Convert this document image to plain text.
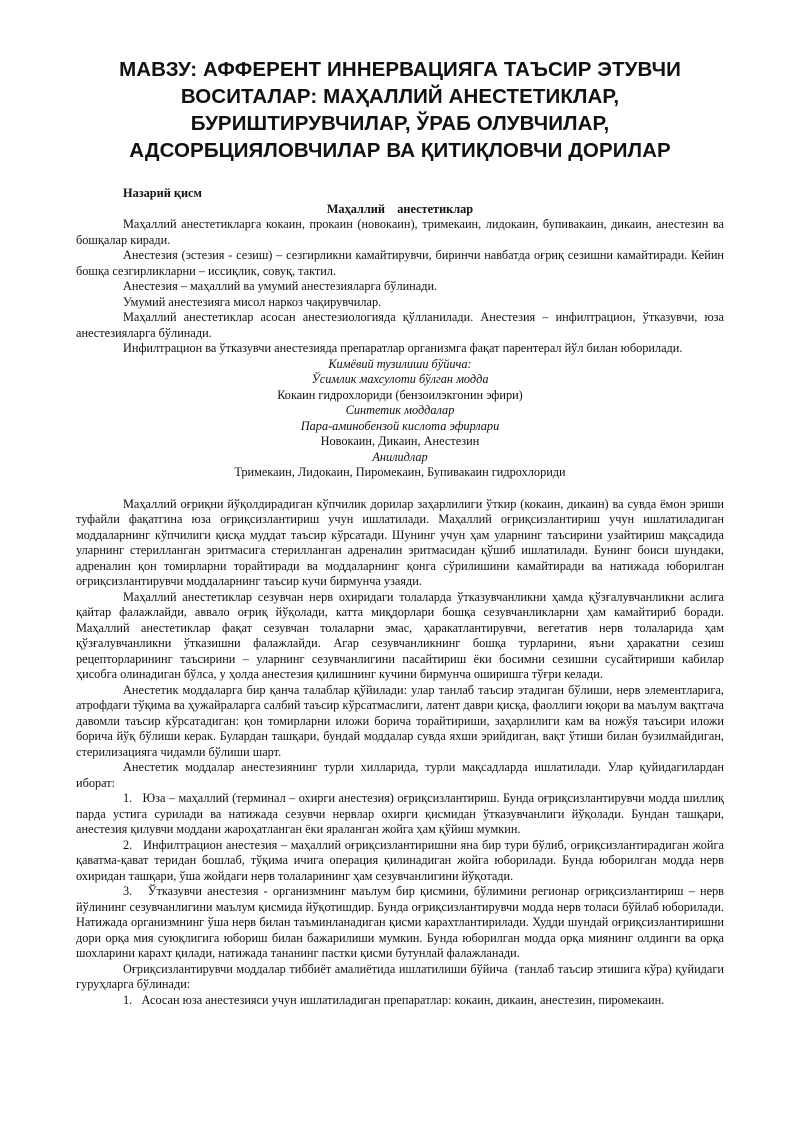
МАВЗУ: АФФЕРЕНТ ИННЕРВАЦИЯГА ТАЪСИР ЭТУВЧИ
ВОСИТАЛАР: МАҲАЛЛИЙ АНЕСТЕТИКЛАР,
БУРИШТИРУВЧИЛАР, ЎРАБ ОЛУВЧИЛАР,
АДСОРБЦИЯЛОВЧИЛАР ВА ҚИТИҚЛОВЧИ ДОРИЛАР
Назарий қисм
Маҳаллий    анестетиклар

Маҳаллий анестетикларга кокаин, прокаин (новокаин), тримекаин, лидокаин, бупивакаин, дикаин, анестезин ва бошқалар киради.

Анестезия (эстезия - сезиш) – сезгирликни камайтирувчи, биринчи навбатда оғриқ сезишни камайтиради. Кейин бошқа сезгирликларни – иссиқлик, совуқ, тактил.

Анестезия – маҳаллий ва умумий анестезияларга бўлинади.

Умумий анестезияга мисол наркоз чақирувчилар.

Маҳаллий анестетиклар асосан анестезиологияда қўлланилади. Анестезия – инфилтрацион, ўтказувчи, юза анестезияларга бўлинади.

Инфилтрацион ва ўтказувчи анестезияда препаратлар организмга фақат парентерал йўл билан юборилади.

Кимёвий тузилиши бўйича:

Ўсимлик махсулоти бўлган модда

Кокаин гидрохлориди (бензоилэкгонин эфири)

Синтетик моддалар

Пара-аминобензой кислота эфирлари

Новокаин, Дикаин, Анестезин

Анилидлар

Тримекаин, Лидокаин, Пиромекаин, Бупивакаин гидрохлориди

Маҳаллий оғриқни йўқолдирадиган кўпчилик дорилар заҳарлилиги ўткир (кокаин, дикаин) ва сувда ёмон эриши туфайли фақатгина юза оғриқсизлантириш учун ишлатилади. Маҳаллий оғриқсизлантириш учун ишлатиладиган моддаларнинг кўпчилиги қисқа муддат таъсир кўрсатади. Шунинг учун ҳам уларнинг таъсирини узайтириш мақсадида уларнинг стерилланган эритмасига стерилланган адреналин эритмасидан қўшиб ишлатилади. Бунинг боиси шундаки, адреналин қон томирларни торайтиради ва моддаларнинг қонга сўрилишини камайтиради ва натижада юборилган оғриқсизлантирувчи моддаларнинг таъсир кучи бирмунча узаяди.

Маҳаллий анестетиклар сезувчан нерв охиридаги толаларда ўтказувчанликни ҳамда қўзғалувчанликни аслига қайтар фалажлайди, аввало оғриқ йўқолади, катта миқдорлари бошқа сезувчанликларни ҳам камайтириб боради. Маҳаллий анестетиклар фақат сезувчан толаларни эмас, ҳаракатлантирувчи, вегетатив нерв толаларида ҳам қўзғалувчанликни ўтказишни фалажлайди. Агар сезувчанликнинг бошқа турларини, яъни ҳаракатни сезиш рецепторларининг таъсирини – уларнинг сезувчанлигини пасайтириш ёки босимни сезишни сусайтириши кабилар ҳисобга олинадиган бўлса, у ҳолда анестезия қилишнинг кучини бирмунча оширишга тўғри келади.

Анестетик моддаларга бир қанча талаблар қўйилади: улар танлаб таъсир этадиган бўлиши, нерв элементларига, атрофдаги тўқима ва ҳужайраларга салбий таъсир кўрсатмаслиги, латент даври қисқа, фаоллиги юқори ва маълум вақтгача давомли таъсир кўрсатадиган: қон томирларни иложи борича торайтириши, заҳарлилиги кам ва ножўя таъсири иложи борича йўқ бўлиши керак. Булардан ташқари, бундай моддалар сувда яхши эрийдиган, вақт ўтиши билан бузилмайдиган, стерилизацияга чидамли бўлиши шарт.

Анестетик моддалар анестезиянинг турли хилларида, турли мақсадларда ишлатилади. Улар қуйидагилардан иборат:

1.   Юза – маҳаллий (терминал – охирги анестезия) оғриқсизлантириш. Бунда оғриқсизлантирувчи модда шиллиқ парда устига сурилади ва натижада сезувчи нервлар охирги қисмидан ўтказувчанлиги йўқолади. Бундан ташқари, анестезия қилувчи моддани жароҳатланган ёки яраланган жойга ҳам қўйиш мумкин.

2.   Инфилтрацион анестезия – маҳаллий оғриқсизлантиришни яна бир тури бўлиб, оғриқсизлантирадиган жойга қаватма-қават теридан бошлаб, тўқима ичига операция қилинадиган жойга юборилади. Бунда юборилган модда нерв охиридан ташқари, ўша жойдаги нерв толаларининг ҳам сезувчанлигини йўқотади.

3.   Ўтказувчи анестезия - организмнинг маълум бир қисмини, бўлимини регионар оғриқсизлантириш – нерв йўлининг сезувчанлигини маълум қисмида йўқотишдир. Бунда оғриқсизлантирувчи модда нерв толаси бўйлаб юборилади. Натижада организмнинг ўша нерв билан таъминланадиган қисми карахтлантирилади. Худди шундай оғриқсизлантиришни дори орқа мия суюқлигига юбориш билан бажарилиши мумкин. Бунда юборилган модда орқа миянинг олдинги ва орқа шохларини карахт қилади, натижада тананинг пастки қисми бутунлай фалажланади.

Оғриқсизлантирувчи моддалар тиббиёт амалиётида ишлатилиши бўйича  (танлаб таъсир этишига кўра) қуйидаги гуруҳларга бўлинади:

1.   Асосан юза анестезияси учун ишлатиладиган препаратлар: кокаин, дикаин, анестезин, пиромекаин.
